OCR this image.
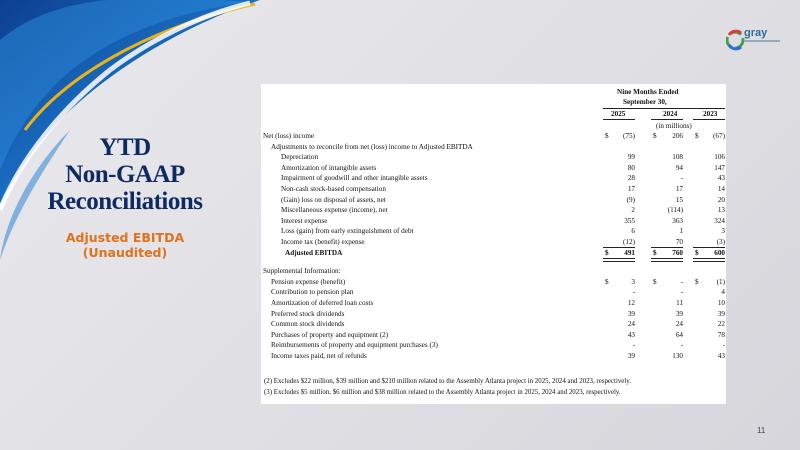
YTD
Non-GAAP
Reconciliations
Adjusted EBITDA
(Unaudited)
gray
Nine Months Ended
September 30,
2025	2024	2023
(in millions)
Net (loss) income	$	(75)	$	206 $	(67)
Adjustments to reconcile from net (loss) income to Adjusted EBITDA
Depreciation	99	108	106
Amortization of intangible assets	80	94	147
Impairment of goodwill and other intangible assets	28	-	43
Non-cash stock-based compensation	17	17	14
(Gain) loss on disposal of assets, net	(9)	15	20
Miscellaneous expense (income), net	2	(114)	13
Interest expense	355	363	324
Loss (gain) from early extinguishment of debt	6	1	3
Income tax (benefit) expense	(12)	70	(3)
Adjusted EBITDA	$	491	$	760 $	600
Supplemental Information:
Pension expense (benefit)	$	3	$	- $	(1)
Contribution to pension plan	-	-	4
Amortization of deferred loan costs	12	11	10
Preferred stock dividends	39	39	39
Common stock dividends	24	24	22
Purchases of property and equipment (2)	43	64	78
Reimbursements of property and equipment purchases (3)	-	-	-
Income taxes paid, net of refunds	39	130	43
(2) Excludes $22 million, $39 million and $210 million related to the Assembly Atlanta project in 2025, 2024 and 2023, respectively.
(3) Excludes $5 million, $6 million and $38 million related to the Assembly Atlanta project in 2025, 2024 and 2023, respectively.
11
